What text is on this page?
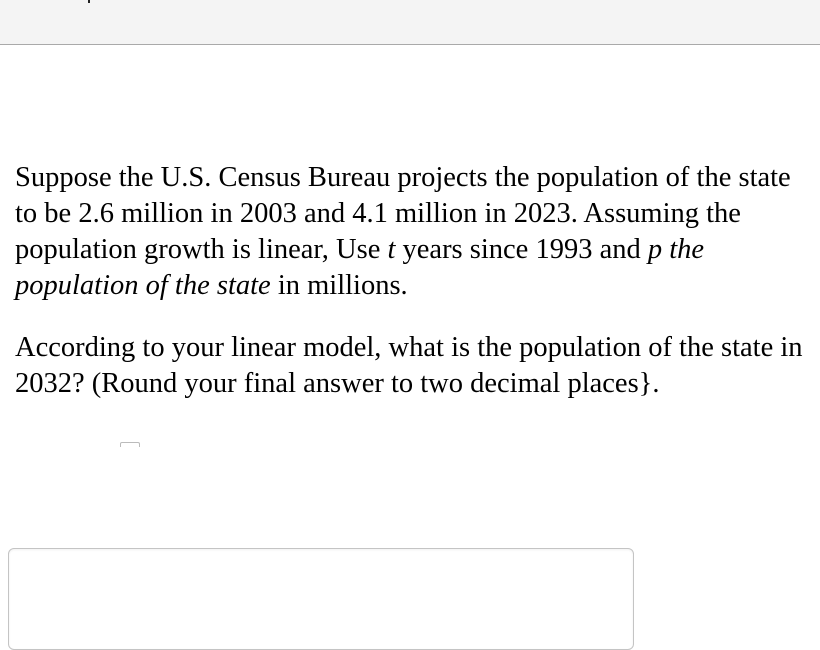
Suppose the U.S. Census Bureau projects the population of the state to be 2.6 million in 2003 and 4.1 million in 2023. Assuming the population growth is linear, Use t years since 1993 and p the population of the state in millions.

According to your linear model, what is the population of the state in 2032? (Round your final answer to two decimal places}.
